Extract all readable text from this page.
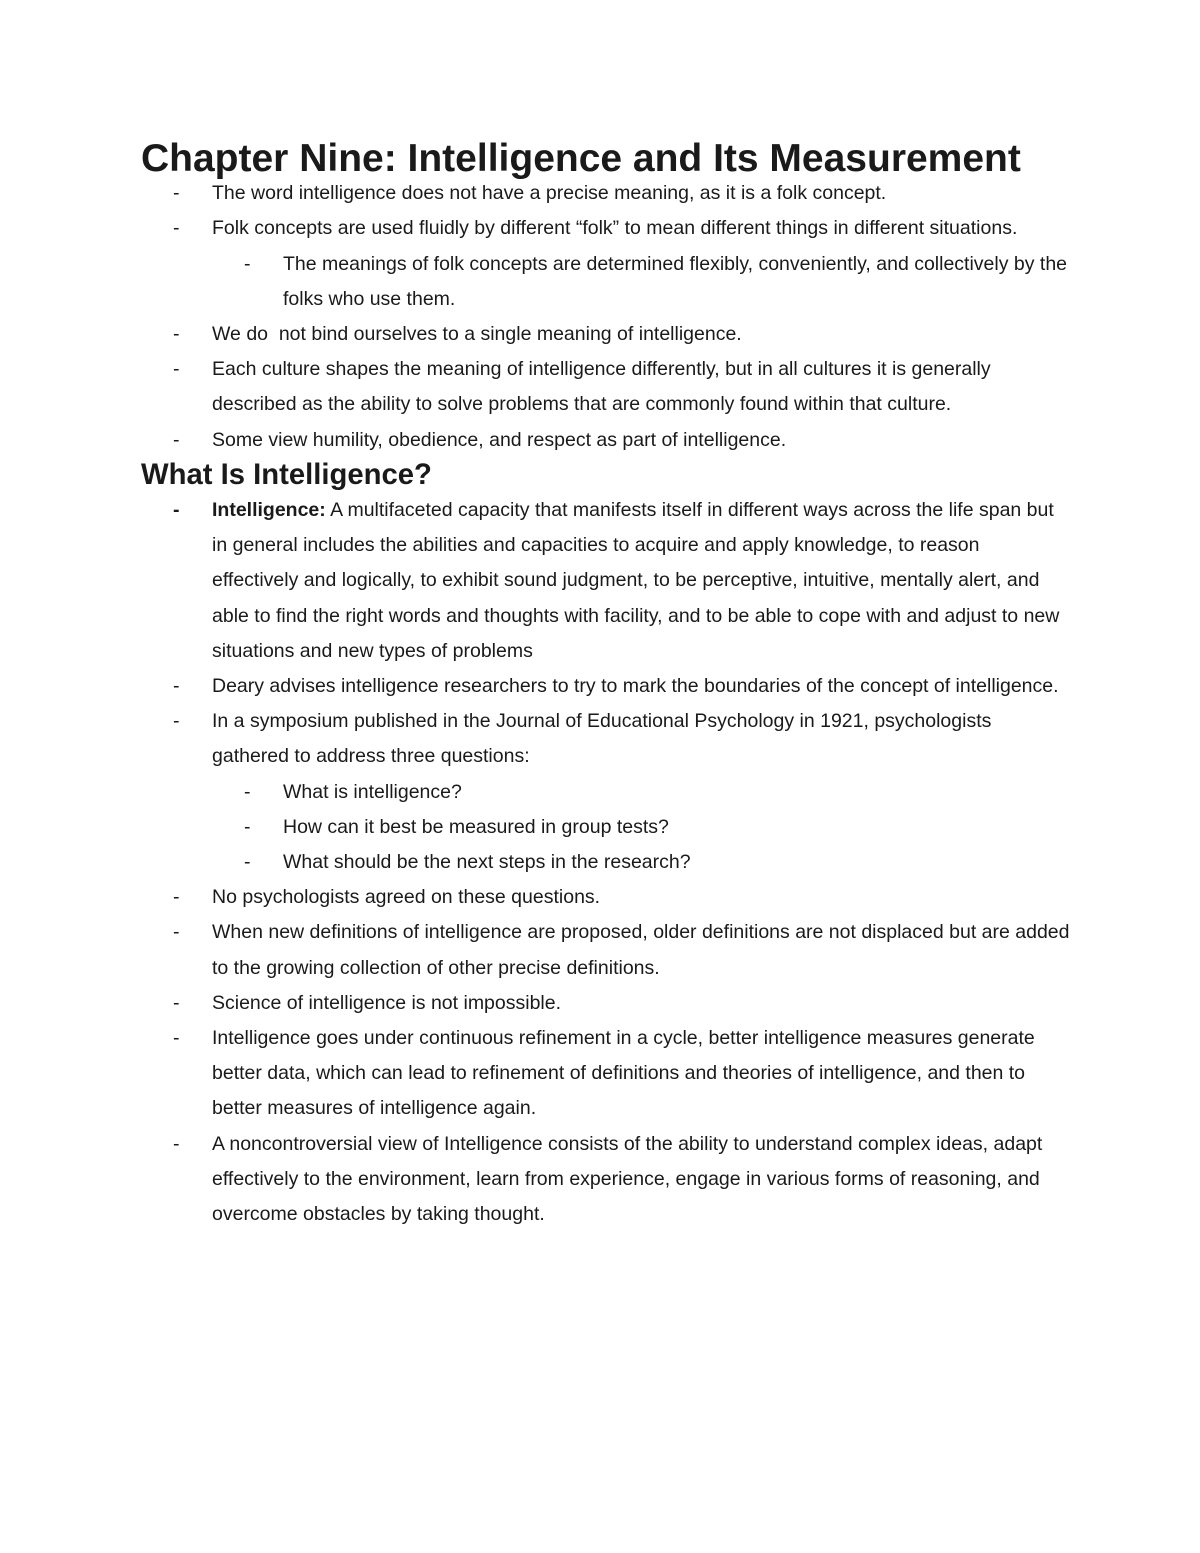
Chapter Nine: Intelligence and Its Measurement
-	The word intelligence does not have a precise meaning, as it is a folk concept.
-	Folk concepts are used fluidly by different “folk” to mean different things in different situations.
-	The meanings of folk concepts are determined flexibly, conveniently, and collectively by the folks who use them.
-	We do  not bind ourselves to a single meaning of intelligence.
-	Each culture shapes the meaning of intelligence differently, but in all cultures it is generally described as the ability to solve problems that are commonly found within that culture.
-	Some view humility, obedience, and respect as part of intelligence.
What Is Intelligence?
-	Intelligence: A multifaceted capacity that manifests itself in different ways across the life span but in general includes the abilities and capacities to acquire and apply knowledge, to reason effectively and logically, to exhibit sound judgment, to be perceptive, intuitive, mentally alert, and able to find the right words and thoughts with facility, and to be able to cope with and adjust to new situations and new types of problems
-	Deary advises intelligence researchers to try to mark the boundaries of the concept of intelligence.
-	In a symposium published in the Journal of Educational Psychology in 1921, psychologists gathered to address three questions:
-	What is intelligence?
-	How can it best be measured in group tests?
-	What should be the next steps in the research?
-	No psychologists agreed on these questions.
-	When new definitions of intelligence are proposed, older definitions are not displaced but are added to the growing collection of other precise definitions.
-	Science of intelligence is not impossible.
-	Intelligence goes under continuous refinement in a cycle, better intelligence measures generate better data, which can lead to refinement of definitions and theories of intelligence, and then to better measures of intelligence again.
-	A noncontroversial view of Intelligence consists of the ability to understand complex ideas, adapt effectively to the environment, learn from experience, engage in various forms of reasoning, and overcome obstacles by taking thought.
